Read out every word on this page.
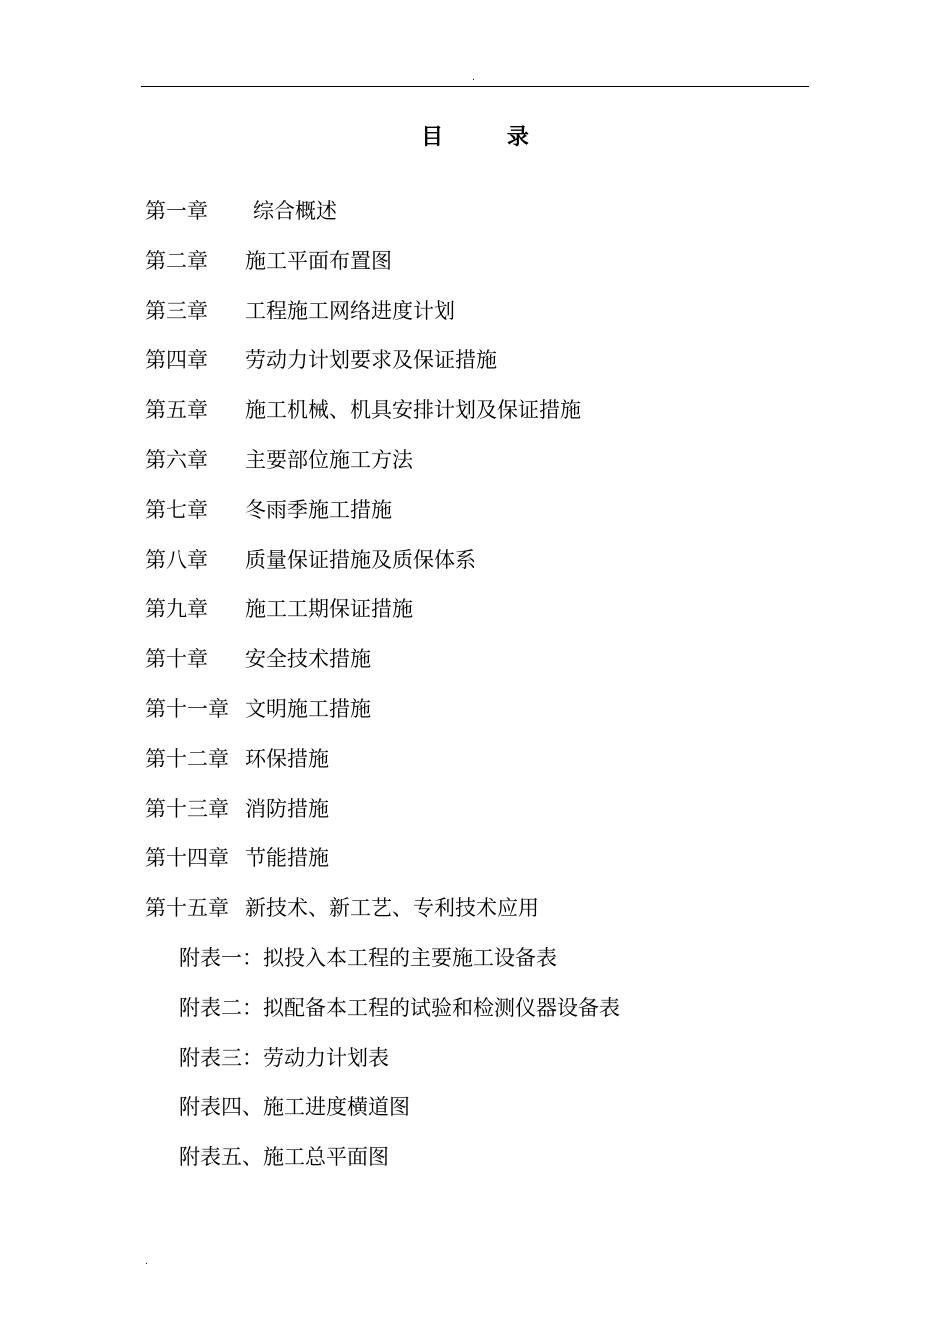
.
目 录
第一章 综合概述
第二章 施工平面布置图
第三章 工程施工网络进度计划
第四章 劳动力计划要求及保证措施
第五章 施工机械、机具安排计划及保证措施
第六章 主要部位施工方法
第七章 冬雨季施工措施
第八章 质量保证措施及质保体系
第九章 施工工期保证措施
第十章 安全技术措施
第十一章 文明施工措施
第十二章 环保措施
第十三章 消防措施
第十四章 节能措施
第十五章 新技术、新工艺、专利技术应用
附表一：拟投入本工程的主要施工设备表
附表二：拟配备本工程的试验和检测仪器设备表
附表三：劳动力计划表
附表四、施工进度横道图
附表五、施工总平面图
.
